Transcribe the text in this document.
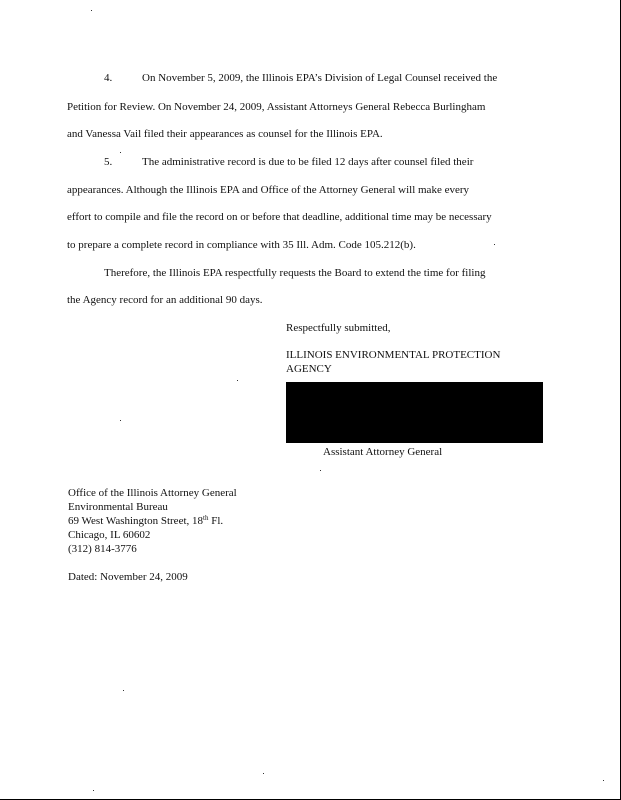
4.	On November 5, 2009, the Illinois EPA’s Division of Legal Counsel received the
Petition for Review. On November 24, 2009, Assistant Attorneys General Rebecca Burlingham
and Vanessa Vail filed their appearances as counsel for the Illinois EPA.
5.	The administrative record is due to be filed 12 days after counsel filed their
appearances. Although the Illinois EPA and Office of the Attorney General will make every
effort to compile and file the record on or before that deadline, additional time may be necessary
to prepare a complete record in compliance with 35 Ill. Adm. Code 105.212(b).
Therefore, the Illinois EPA respectfully requests the Board to extend the time for filing
the Agency record for an additional 90 days.
Respectfully submitted,
ILLINOIS ENVIRONMENTAL PROTECTION
AGENCY
Assistant Attorney General
Office of the Illinois Attorney General
Environmental Bureau
69 West Washington Street, 18th Fl.
Chicago, IL 60602
(312) 814-3776
Dated: November 24, 2009
